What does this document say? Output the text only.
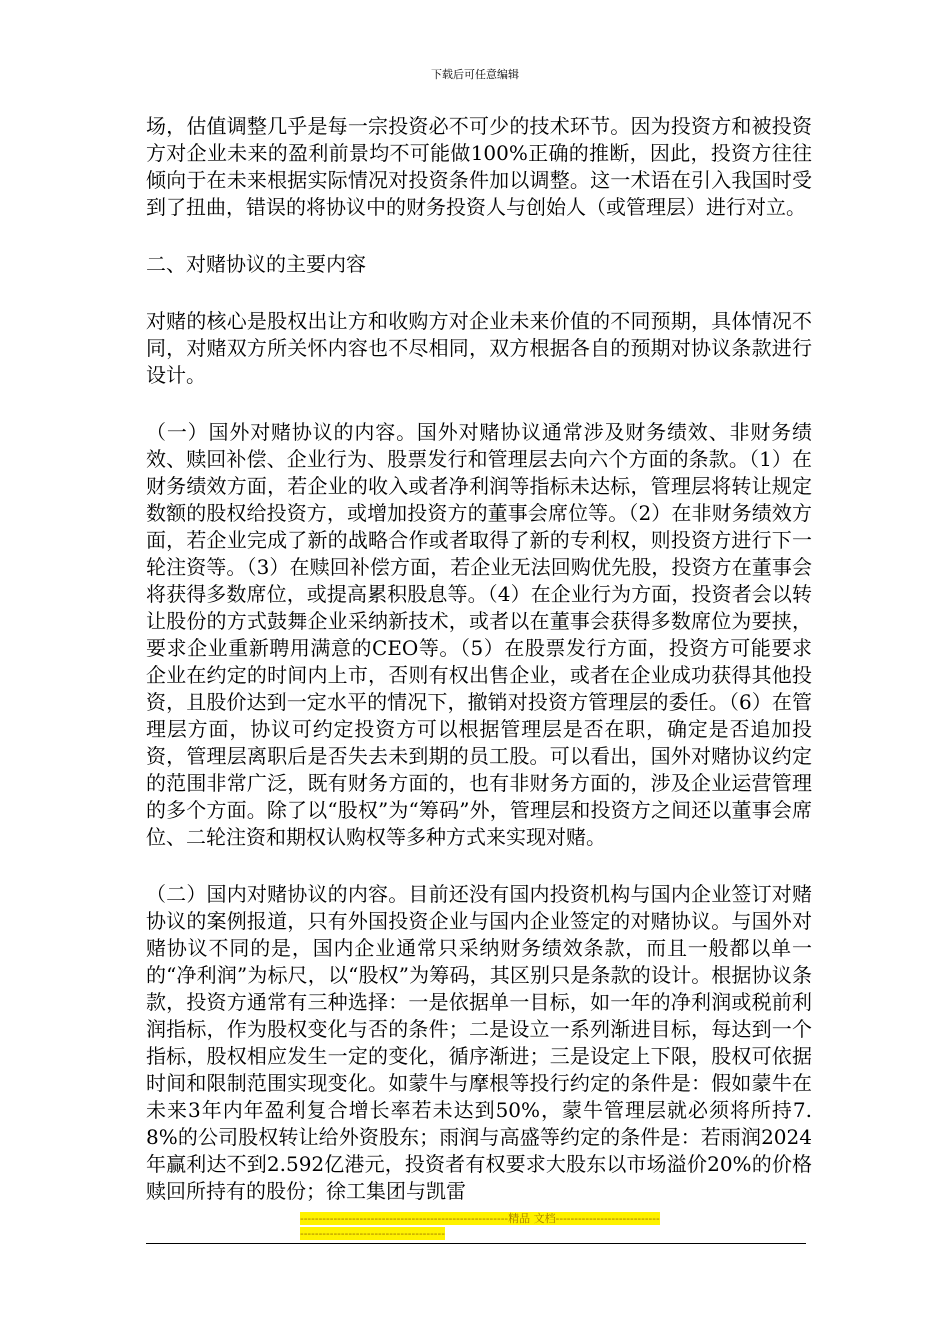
下载后可任意编辑

场，估值调整几乎是每一宗投资必不可少的技术环节。因为投资方和被投资方对企业未来的盈利前景均不可能做100%正确的推断，因此，投资方往往倾向于在未来根据实际情况对投资条件加以调整。这一术语在引入我国时受到了扭曲，错误的将协议中的财务投资人与创始人（或管理层）进行对立。

二、对赌协议的主要内容

对赌的核心是股权出让方和收购方对企业未来价值的不同预期，具体情况不同，对赌双方所关怀内容也不尽相同，双方根据各自的预期对协议条款进行设计。

（一）国外对赌协议的内容。国外对赌协议通常涉及财务绩效、非财务绩效、赎回补偿、企业行为、股票发行和管理层去向六个方面的条款。（1）在财务绩效方面，若企业的收入或者净利润等指标未达标，管理层将转让规定数额的股权给投资方，或增加投资方的董事会席位等。（2）在非财务绩效方面，若企业完成了新的战略合作或者取得了新的专利权，则投资方进行下一轮注资等。（3）在赎回补偿方面，若企业无法回购优先股，投资方在董事会将获得多数席位，或提高累积股息等。（4）在企业行为方面，投资者会以转让股份的方式鼓舞企业采纳新技术，或者以在董事会获得多数席位为要挟，要求企业重新聘用满意的CEO等。（5）在股票发行方面，投资方可能要求企业在约定的时间内上市，否则有权出售企业，或者在企业成功获得其他投资，且股价达到一定水平的情况下，撤销对投资方管理层的委任。（6）在管理层方面，协议可约定投资方可以根据管理层是否在职，确定是否追加投资，管理层离职后是否失去未到期的员工股。可以看出，国外对赌协议约定的范围非常广泛，既有财务方面的，也有非财务方面的，涉及企业运营管理的多个方面。除了以“股权”为“筹码”外，管理层和投资方之间还以董事会席位、二轮注资和期权认购权等多种方式来实现对赌。

（二）国内对赌协议的内容。目前还没有国内投资机构与国内企业签订对赌协议的案例报道，只有外国投资企业与国内企业签定的对赌协议。与国外对赌协议不同的是，国内企业通常只采纳财务绩效条款，而且一般都以单一的“净利润”为标尺，以“股权”为筹码，其区别只是条款的设计。根据协议条款，投资方通常有三种选择：一是依据单一目标，如一年的净利润或税前利润指标，作为股权变化与否的条件；二是设立一系列渐进目标，每达到一个指标，股权相应发生一定的变化，循序渐进；三是设定上下限，股权可依据时间和限制范围实现变化。如蒙牛与摩根等投行约定的条件是：假如蒙牛在未来3年内年盈利复合增长率若未达到50%，蒙牛管理层就必须将所持7.8%的公司股权转让给外资股东；雨润与高盛等约定的条件是：若雨润2024年赢利达不到2.592亿港元，投资者有权要求大股东以市场溢价20%的价格赎回所持有的股份；徐工集团与凯雷

--------------------------------------------------------精品 文档-------------------------------------------------------------------
